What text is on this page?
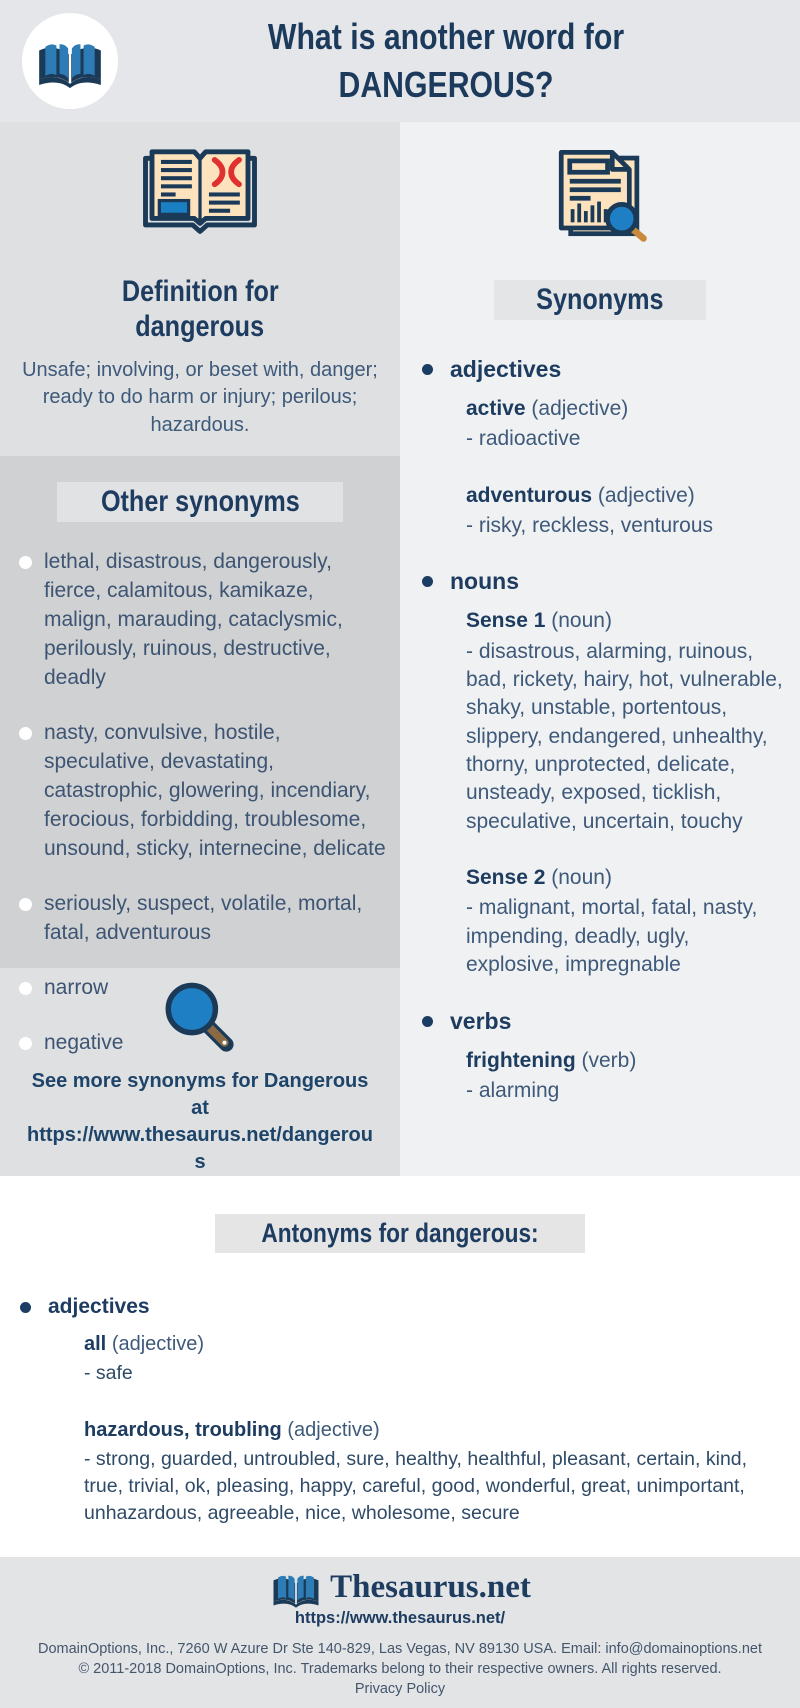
What is another word for
DANGEROUS?
Definition for
dangerous
Unsafe; involving, or beset with, danger; ready to do harm or injury; perilous; hazardous.
Other synonyms
lethal, disastrous, dangerously, fierce, calamitous, kamikaze, malign, marauding, cataclysmic, perilously, ruinous, destructive, deadly
nasty, convulsive, hostile, speculative, devastating, catastrophic, glowering, incendiary, ferocious, forbidding, troublesome, unsound, sticky, internecine, delicate
seriously, suspect, volatile, mortal, fatal, adventurous
narrow
negative
See more synonyms for Dangerous at https://www.thesaurus.net/dangerous
Synonyms
adjectives
active (adjective)
- radioactive
adventurous (adjective)
- risky, reckless, venturous
nouns
Sense 1 (noun)
- disastrous, alarming, ruinous, bad, rickety, hairy, hot, vulnerable, shaky, unstable, portentous, slippery, endangered, unhealthy, thorny, unprotected, delicate, unsteady, exposed, ticklish, speculative, uncertain, touchy
Sense 2 (noun)
- malignant, mortal, fatal, nasty, impending, deadly, ugly, explosive, impregnable
verbs
frightening (verb)
- alarming
Antonyms for dangerous:
adjectives
all (adjective)
- safe
hazardous, troubling (adjective)
- strong, guarded, untroubled, sure, healthy, healthful, pleasant, certain, kind, true, trivial, ok, pleasing, happy, careful, good, wonderful, great, unimportant, unhazardous, agreeable, nice, wholesome, secure
Thesaurus.net
https://www.thesaurus.net/
DomainOptions, Inc., 7260 W Azure Dr Ste 140-829, Las Vegas, NV 89130 USA. Email: info@domainoptions.net
© 2011-2018 DomainOptions, Inc. Trademarks belong to their respective owners. All rights reserved.
Privacy Policy
